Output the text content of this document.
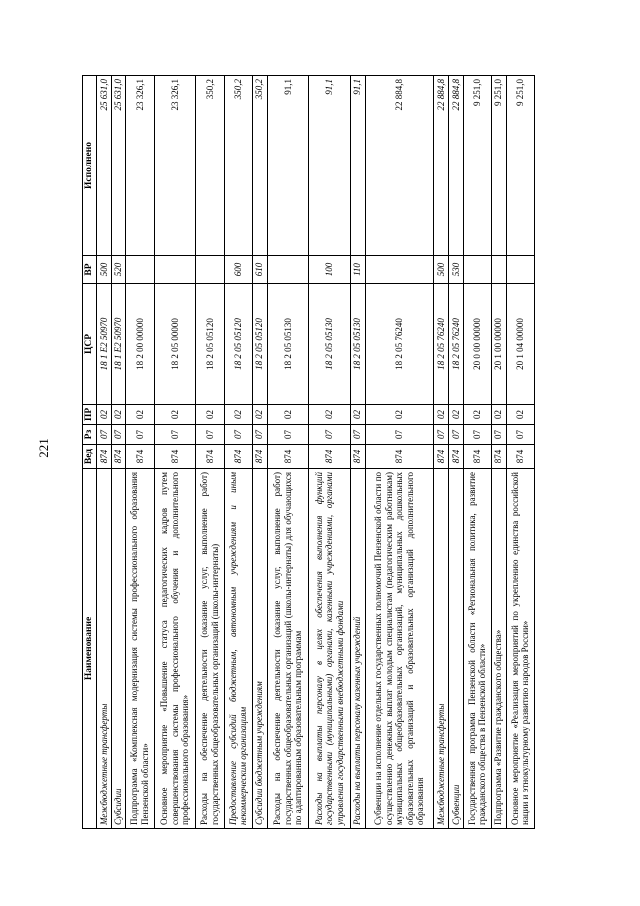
221
Наименование	Вед	Рз	ПР	ЦСР	ВР	Исполнено
Межбюджетные трансферты	874	07	02	18 1 E2 50970	500	25 631,0
Субсидии	874	07	02	18 1 E2 50970	520	25 631,0
Подпрограмма «Комплексная модернизация системы профессионального образования Пензенской области»	874	07	02	18 2 00 00000		23 326,1
Основное мероприятие «Повышение статуса педагогических кадров путем совершенствования системы профессионального обучения и дополнительного профессионального образования»	874	07	02	18 2 05 00000		23 326,1
Расходы на обеспечение деятельности (оказание услуг, выполнение работ) государственных общеобразовательных организаций (школы-интернаты)	874	07	02	18 2 05 05120		350,2
Предоставление субсидий бюджетным, автономным учреждениям и иным некоммерческим организациям	874	07	02	18 2 05 05120	600	350,2
Субсидии бюджетным учреждениям	874	07	02	18 2 05 05120	610	350,2
Расходы на обеспечение деятельности (оказание услуг, выполнение работ) государственных общеобразовательных организаций (школы-интернаты) для обучающихся по адаптированным образовательным программам	874	07	02	18 2 05 05130		91,1
Расходы на выплаты персоналу в целях обеспечения выполнения функций государственными (муниципальными) органами, казенными учреждениями, органами управления государственными внебюджетными фондами	874	07	02	18 2 05 05130	100	91,1
Расходы на выплаты персоналу казенных учреждений	874	07	02	18 2 05 05130	110	91,1
Субвенции на исполнение отдельных государственных полномочий Пензенской области по осуществлению денежных выплат молодым специалистам (педагогическим работникам) муниципальных общеобразовательных организаций, муниципальных дошкольных образовательных организаций и образовательных организаций дополнительного образования	874	07	02	18 2 05 76240		22 884,8
Межбюджетные трансферты	874	07	02	18 2 05 76240	500	22 884,8
Субвенции	874	07	02	18 2 05 76240	530	22 884,8
Государственная программа Пензенской области «Региональная политика, развитие гражданского общества в Пензенской области»	874	07	02	20 0 00 00000		9 251,0
Подпрограмма «Развитие гражданского общества»	874	07	02	20 1 00 00000		9 251,0
Основное мероприятие «Реализация мероприятий по укреплению единства российской нации и этнокультурному развитию народов России»	874	07	02	20 1 04 00000		9 251,0
